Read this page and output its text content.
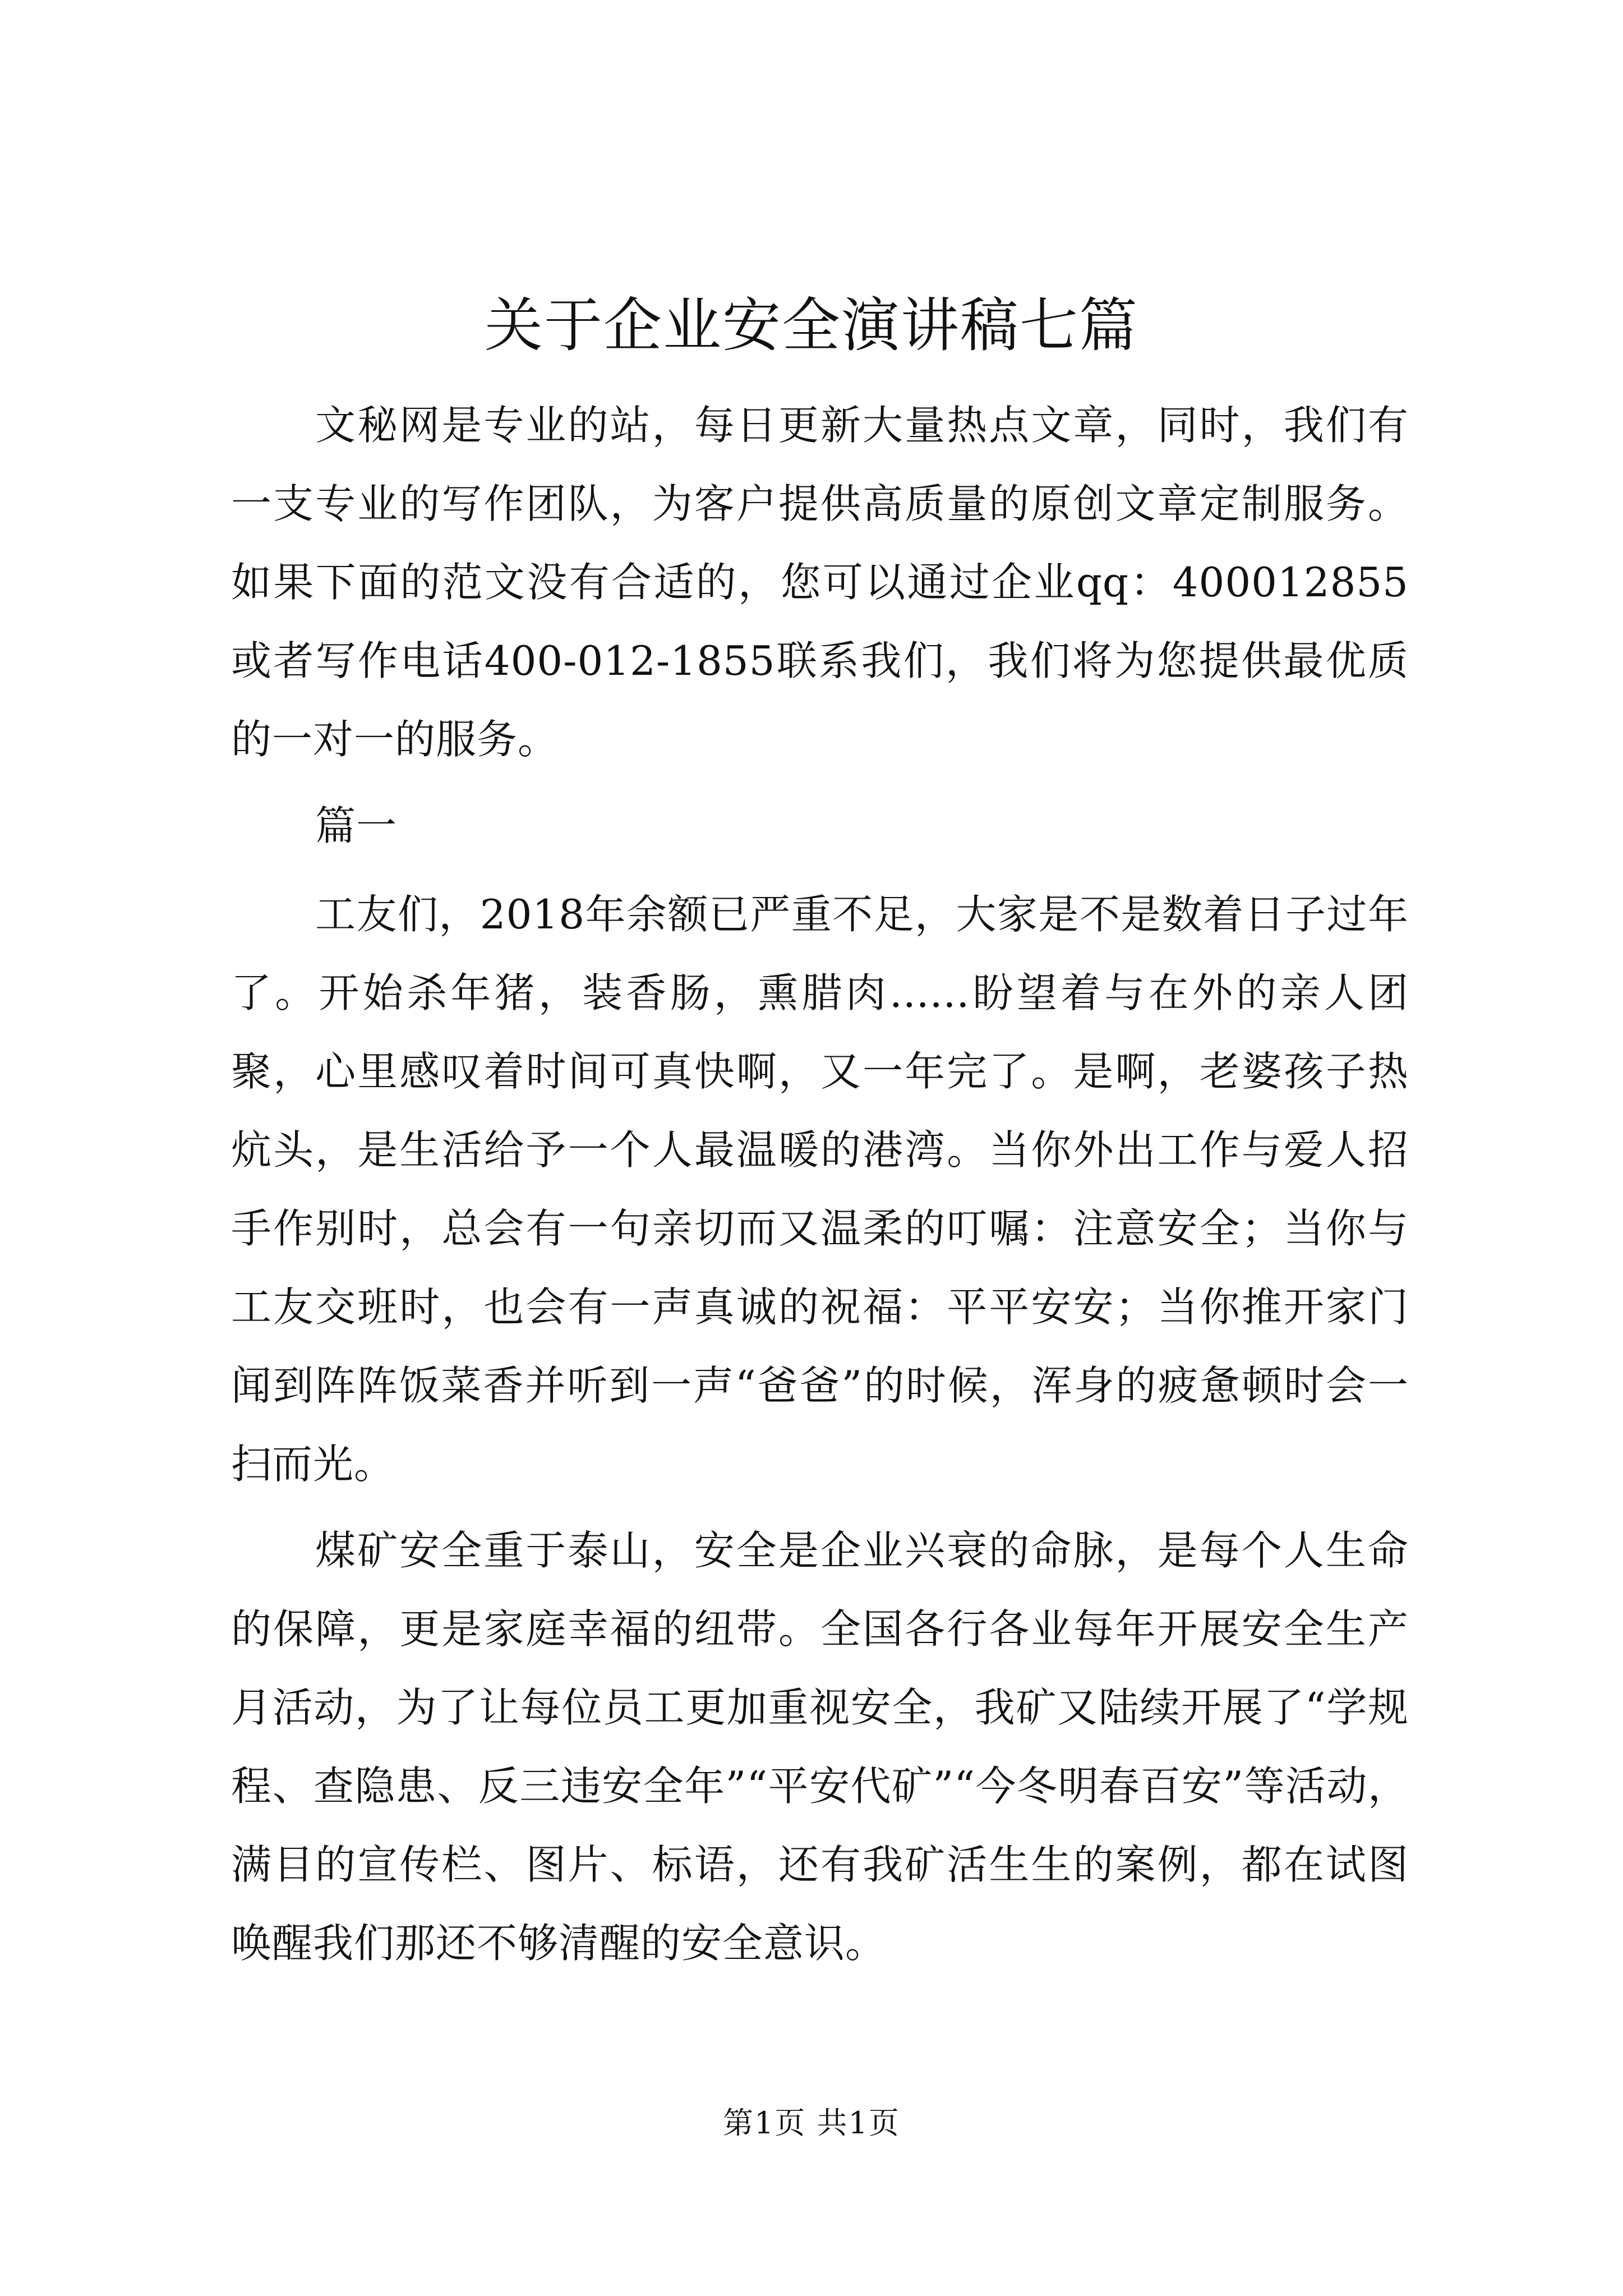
关于企业安全演讲稿七篇

文秘网是专业的站，每日更新大量热点文章，同时，我们有一支专业的写作团队，为客户提供高质量的原创文章定制服务。如果下面的范文没有合适的，您可以通过企业qq：400012855或者写作电话400-012-1855联系我们，我们将为您提供最优质的一对一的服务。

篇一

工友们，2018年余额已严重不足，大家是不是数着日子过年了。开始杀年猪，装香肠，熏腊肉......盼望着与在外的亲人团聚，心里感叹着时间可真快啊，又一年完了。是啊，老婆孩子热炕头，是生活给予一个人最温暖的港湾。当你外出工作与爱人招手作别时，总会有一句亲切而又温柔的叮嘱：注意安全；当你与工友交班时，也会有一声真诚的祝福：平平安安；当你推开家门闻到阵阵饭菜香并听到一声“爸爸”的时候，浑身的疲惫顿时会一扫而光。

煤矿安全重于泰山，安全是企业兴衰的命脉，是每个人生命的保障，更是家庭幸福的纽带。全国各行各业每年开展安全生产月活动，为了让每位员工更加重视安全，我矿又陆续开展了“学规程、查隐患、反三违安全年”“平安代矿”“今冬明春百安”等活动，满目的宣传栏、图片、标语，还有我矿活生生的案例，都在试图唤醒我们那还不够清醒的安全意识。

第1页 共1页
